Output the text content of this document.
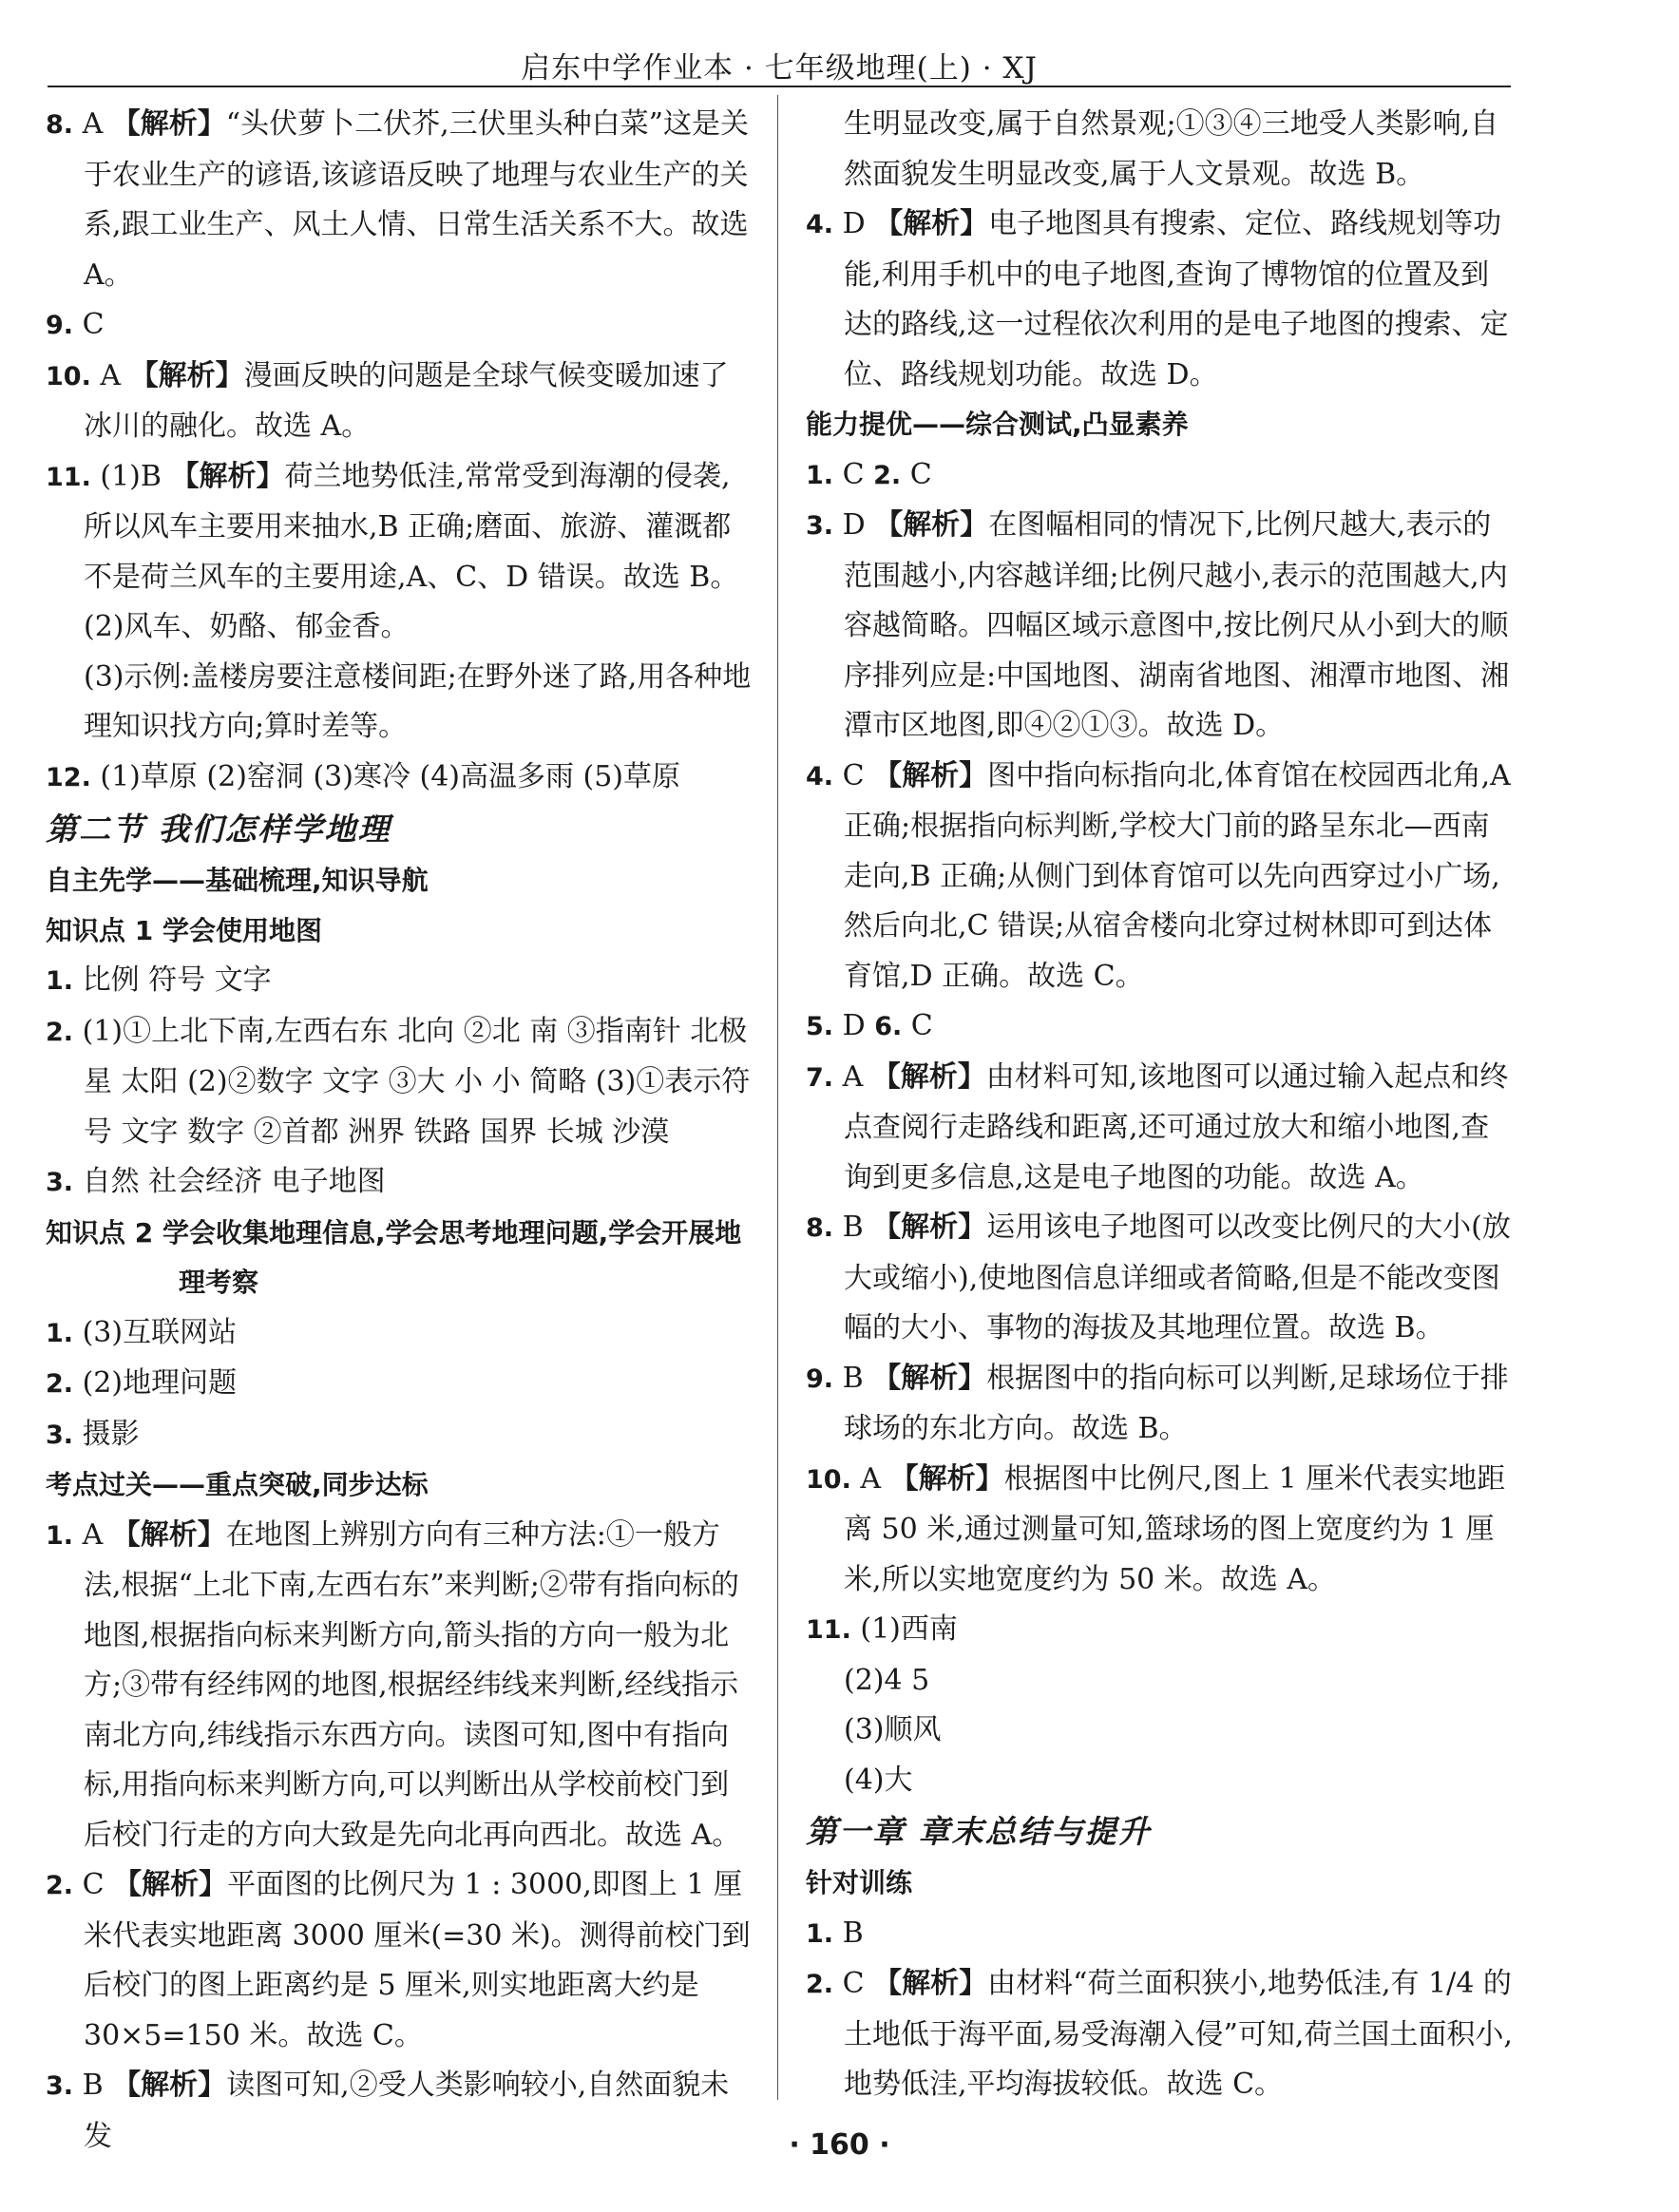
启东中学作业本 · 七年级地理(上) · XJ

8. A 【解析】“头伏萝卜二伏芥,三伏里头种白菜”这是关于农业生产的谚语,该谚语反映了地理与农业生产的关系,跟工业生产、风土人情、日常生活关系不大。故选 A。

9. C

10. A 【解析】漫画反映的问题是全球气候变暖加速了冰川的融化。故选 A。

11. (1)B 【解析】荷兰地势低洼,常常受到海潮的侵袭,所以风车主要用来抽水,B 正确;磨面、旅游、灌溉都不是荷兰风车的主要用途,A、C、D 错误。故选 B。

(2)风车、奶酪、郁金香。

(3)示例:盖楼房要注意楼间距;在野外迷了路,用各种地理知识找方向;算时差等。

12. (1)草原 (2)窑洞 (3)寒冷 (4)高温多雨 (5)草原

第二节 我们怎样学地理

自主先学——基础梳理,知识导航

知识点 1 学会使用地图

1. 比例 符号 文字

2. (1)①上北下南,左西右东 北向 ②北 南 ③指南针 北极星 太阳 (2)②数字 文字 ③大 小 小 简略 (3)①表示符号 文字 数字 ②首都 洲界 铁路 国界 长城 沙漠

3. 自然 社会经济 电子地图

知识点 2 学会收集地理信息,学会思考地理问题,学会开展地理考察

1. (3)互联网站

2. (2)地理问题

3. 摄影

考点过关——重点突破,同步达标

1. A 【解析】在地图上辨别方向有三种方法:①一般方法,根据“上北下南,左西右东”来判断;②带有指向标的地图,根据指向标来判断方向,箭头指的方向一般为北方;③带有经纬网的地图,根据经纬线来判断,经线指示南北方向,纬线指示东西方向。读图可知,图中有指向标,用指向标来判断方向,可以判断出从学校前校门到后校门行走的方向大致是先向北再向西北。故选 A。

2. C 【解析】平面图的比例尺为 1 : 3000,即图上 1 厘米代表实地距离 3000 厘米(=30 米)。测得前校门到后校门的图上距离约是 5 厘米,则实地距离大约是 30×5=150 米。故选 C。

3. B 【解析】读图可知,②受人类影响较小,自然面貌未发

生明显改变,属于自然景观;①③④三地受人类影响,自然面貌发生明显改变,属于人文景观。故选 B。

4. D 【解析】电子地图具有搜索、定位、路线规划等功能,利用手机中的电子地图,查询了博物馆的位置及到达的路线,这一过程依次利用的是电子地图的搜索、定位、路线规划功能。故选 D。

能力提优——综合测试,凸显素养

1. C 2. C

3. D 【解析】在图幅相同的情况下,比例尺越大,表示的范围越小,内容越详细;比例尺越小,表示的范围越大,内容越简略。四幅区域示意图中,按比例尺从小到大的顺序排列应是:中国地图、湖南省地图、湘潭市地图、湘潭市区地图,即④②①③。故选 D。

4. C 【解析】图中指向标指向北,体育馆在校园西北角,A 正确;根据指向标判断,学校大门前的路呈东北—西南走向,B 正确;从侧门到体育馆可以先向西穿过小广场,然后向北,C 错误;从宿舍楼向北穿过树林即可到达体育馆,D 正确。故选 C。

5. D 6. C

7. A 【解析】由材料可知,该地图可以通过输入起点和终点查阅行走路线和距离,还可通过放大和缩小地图,查询到更多信息,这是电子地图的功能。故选 A。

8. B 【解析】运用该电子地图可以改变比例尺的大小(放大或缩小),使地图信息详细或者简略,但是不能改变图幅的大小、事物的海拔及其地理位置。故选 B。

9. B 【解析】根据图中的指向标可以判断,足球场位于排球场的东北方向。故选 B。

10. A 【解析】根据图中比例尺,图上 1 厘米代表实地距离 50 米,通过测量可知,篮球场的图上宽度约为 1 厘米,所以实地宽度约为 50 米。故选 A。

11. (1)西南

(2)4 5

(3)顺风

(4)大

第一章 章末总结与提升

针对训练

1. B

2. C 【解析】由材料“荷兰面积狭小,地势低洼,有 1/4 的土地低于海平面,易受海潮入侵”可知,荷兰国土面积小,地势低洼,平均海拔较低。故选 C。

· 160 ·
